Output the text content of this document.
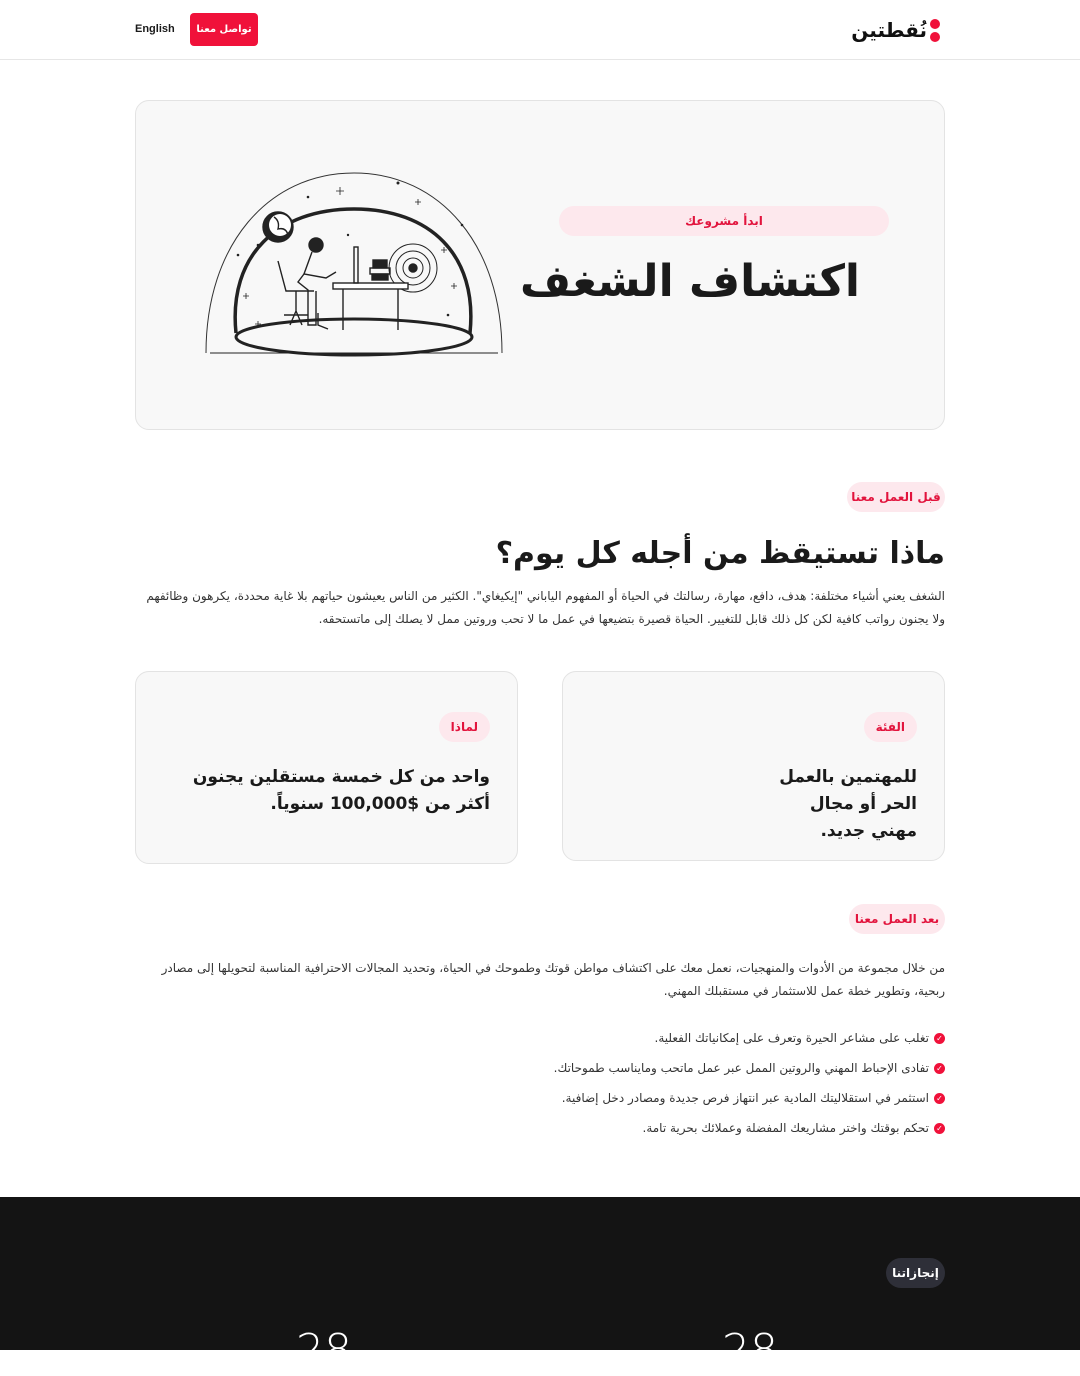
نُقطتين
تواصل معنا
English
ابدأ مشروعك
اكتشاف الشغف
قبل العمل معنا
ماذا تستيقظ من أجله كل يوم؟

الشغف يعني أشياء مختلفة: هدف، دافع، مهارة، رسالتك في الحياة أو المفهوم الياباني "إيكيغاي". الكثير من الناس يعيشون حياتهم بلا غاية محددة، يكرهون وظائفهم ولا يجنون رواتب كافية لكن كل ذلك قابل للتغيير. الحياة قصيرة بتضيعها في عمل ما لا تحب وروتين ممل لا يصلك إلى ماتستحقه.

الفئة
للمهتمين بالعمل الحر أو مجال مهني جديد.
لماذا
واحد من كل خمسة مستقلين يجنون أكثر من $100,000 سنوياً.
بعد العمل معنا

من خلال مجموعة من الأدوات والمنهجيات، نعمل معك على اكتشاف مواطن قوتك وطموحك في الحياة، وتحديد المجالات الاحترافية المناسبة لتحويلها إلى مصادر ربحية، وتطوير خطة عمل للاستثمار في مستقبلك المهني.

✓
تغلب على مشاعر الحيرة وتعرف على إمكانياتك الفعلية.
✓
تفادى الإحباط المهني والروتين الممل عبر عمل ماتحب ومايناسب طموحاتك.
✓
استثمر في استقلاليتك المادية عبر انتهاز فرص جديدة ومصادر دخل إضافية.
✓
تحكم بوقتك واختر مشاريعك المفضلة وعملائك بحرية تامة.
إنجازاتنا
28	28
